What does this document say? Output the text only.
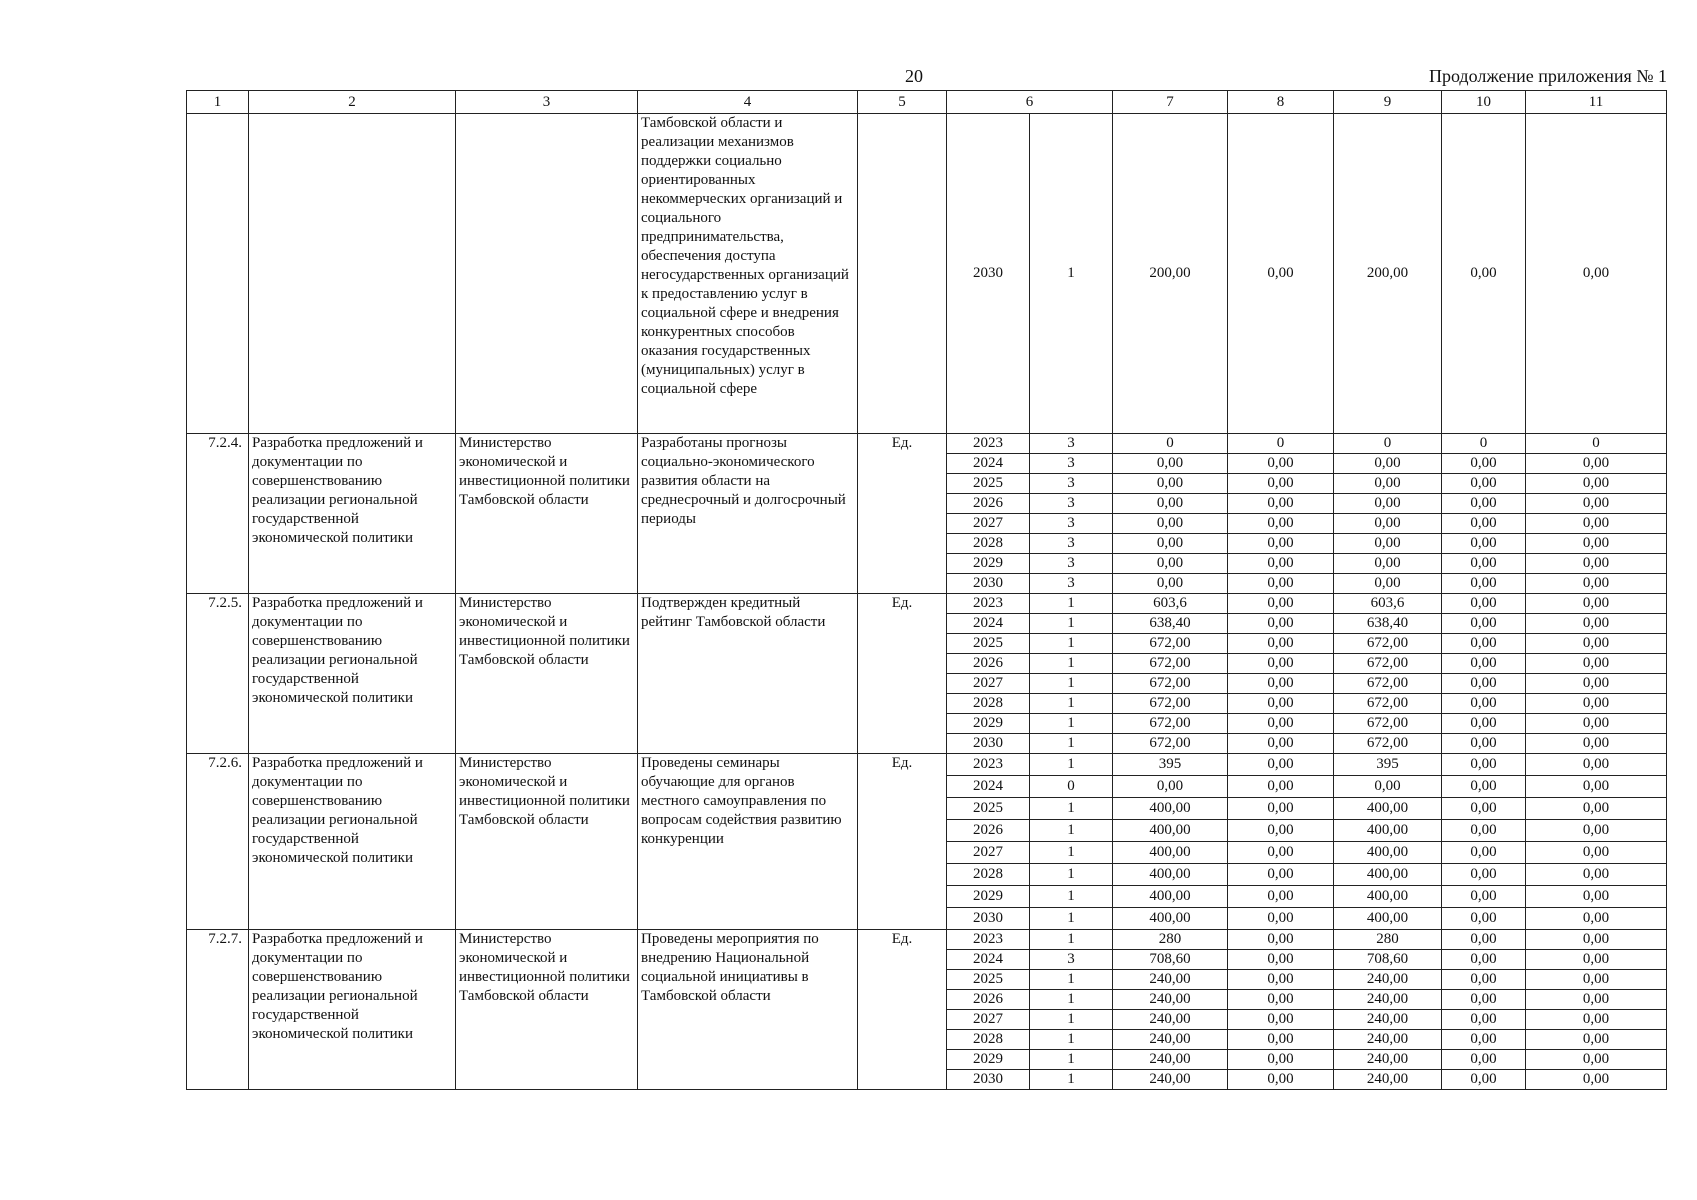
20	Продолжение приложения № 1
1	2	3	4	5	6		7	8	9	10	11
			Тамбовской области и реализации механизмов поддержки социально ориентированных некоммерческих организаций и социального предпринимательства, обеспечения доступа негосударственных организаций к предоставлению услуг в социальной сфере и внедрения конкурентных способов оказания государственных (муниципальных) услуг в социальной сфере		2030	1	200,00	0,00	200,00	0,00	0,00
7.2.4.	Разработка предложений и документации по совершенствованию реализации региональной государственной экономической политики	Министерство экономической и инвестиционной политики Тамбовской области	Разработаны прогнозы социально-экономического развития области на среднесрочный и долгосрочный периоды	Ед.	2023	3	0	0	0	0	0
					2024	3	0,00	0,00	0,00	0,00	0,00
					2025	3	0,00	0,00	0,00	0,00	0,00
					2026	3	0,00	0,00	0,00	0,00	0,00
					2027	3	0,00	0,00	0,00	0,00	0,00
					2028	3	0,00	0,00	0,00	0,00	0,00
					2029	3	0,00	0,00	0,00	0,00	0,00
					2030	3	0,00	0,00	0,00	0,00	0,00
7.2.5.	Разработка предложений и документации по совершенствованию реализации региональной государственной экономической политики	Министерство экономической и инвестиционной политики Тамбовской области	Подтвержден кредитный рейтинг Тамбовской области	Ед.	2023	1	603,6	0,00	603,6	0,00	0,00
					2024	1	638,40	0,00	638,40	0,00	0,00
					2025	1	672,00	0,00	672,00	0,00	0,00
					2026	1	672,00	0,00	672,00	0,00	0,00
					2027	1	672,00	0,00	672,00	0,00	0,00
					2028	1	672,00	0,00	672,00	0,00	0,00
					2029	1	672,00	0,00	672,00	0,00	0,00
					2030	1	672,00	0,00	672,00	0,00	0,00
7.2.6.	Разработка предложений и документации по совершенствованию реализации региональной государственной экономической политики	Министерство экономической и инвестиционной политики Тамбовской области	Проведены семинары обучающие для органов местного самоуправления по вопросам содействия развитию конкуренции	Ед.	2023	1	395	0,00	395	0,00	0,00
					2024	0	0,00	0,00	0,00	0,00	0,00
					2025	1	400,00	0,00	400,00	0,00	0,00
					2026	1	400,00	0,00	400,00	0,00	0,00
					2027	1	400,00	0,00	400,00	0,00	0,00
					2028	1	400,00	0,00	400,00	0,00	0,00
					2029	1	400,00	0,00	400,00	0,00	0,00
					2030	1	400,00	0,00	400,00	0,00	0,00
7.2.7.	Разработка предложений и документации по совершенствованию реализации региональной государственной экономической политики	Министерство экономической и инвестиционной политики Тамбовской области	Проведены мероприятия по внедрению Национальной социальной инициативы в Тамбовской области	Ед.	2023	1	280	0,00	280	0,00	0,00
					2024	3	708,60	0,00	708,60	0,00	0,00
					2025	1	240,00	0,00	240,00	0,00	0,00
					2026	1	240,00	0,00	240,00	0,00	0,00
					2027	1	240,00	0,00	240,00	0,00	0,00
					2028	1	240,00	0,00	240,00	0,00	0,00
					2029	1	240,00	0,00	240,00	0,00	0,00
					2030	1	240,00	0,00	240,00	0,00	0,00
